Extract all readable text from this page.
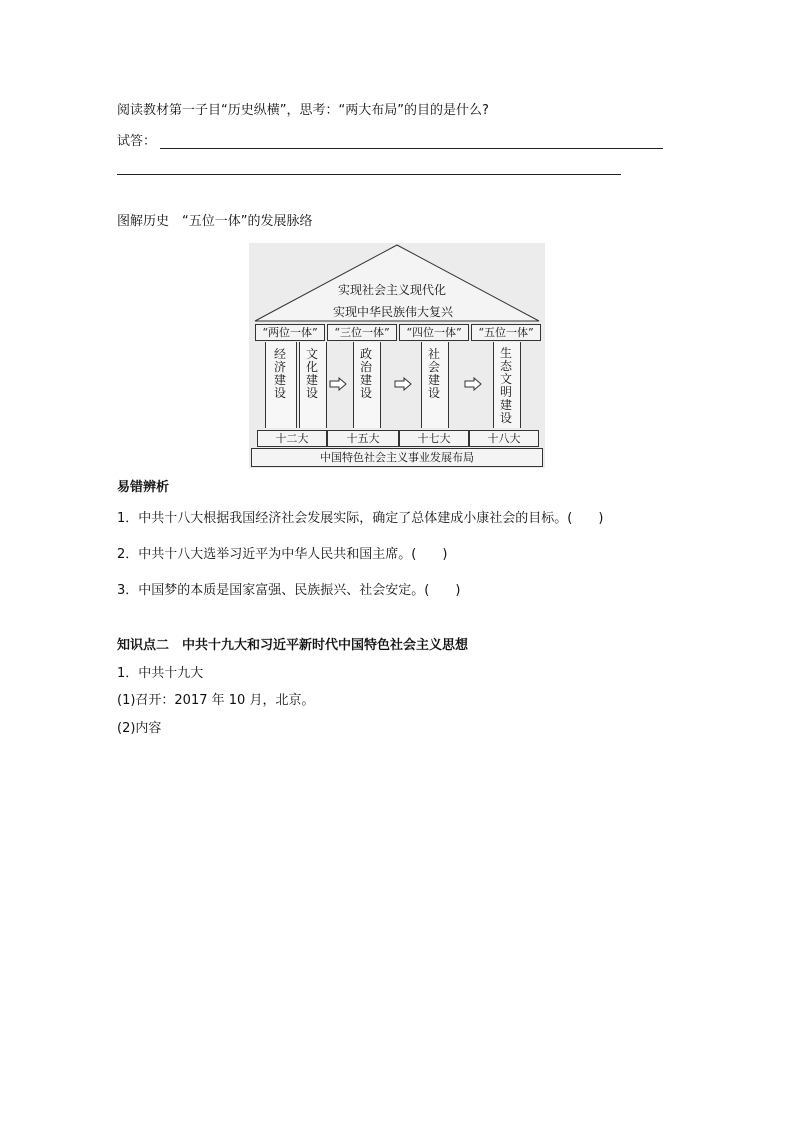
阅读教材第一子目“历史纵横”，思考：“两大布局”的目的是什么?
试答：
图解历史　“五位一体”的发展脉络
实现社会主义现代化
实现中华民族伟大复兴
“两位一体”	“三位一体”	“四位一体”	“五位一体”
经济建设
文化建设
政治建设
社会建设
生态文明建设
十二大	十五大	十七大	十八大
中国特色社会主义事业发展布局
易错辨析
1．中共十八大根据我国经济社会发展实际，确定了总体建成小康社会的目标。(　　)
2．中共十八大选举习近平为中华人民共和国主席。(　　)
3．中国梦的本质是国家富强、民族振兴、社会安定。(　　)
知识点二　中共十九大和习近平新时代中国特色社会主义思想
1．中共十九大
(1)召开：2017 年 10 月，北京。
(2)内容
